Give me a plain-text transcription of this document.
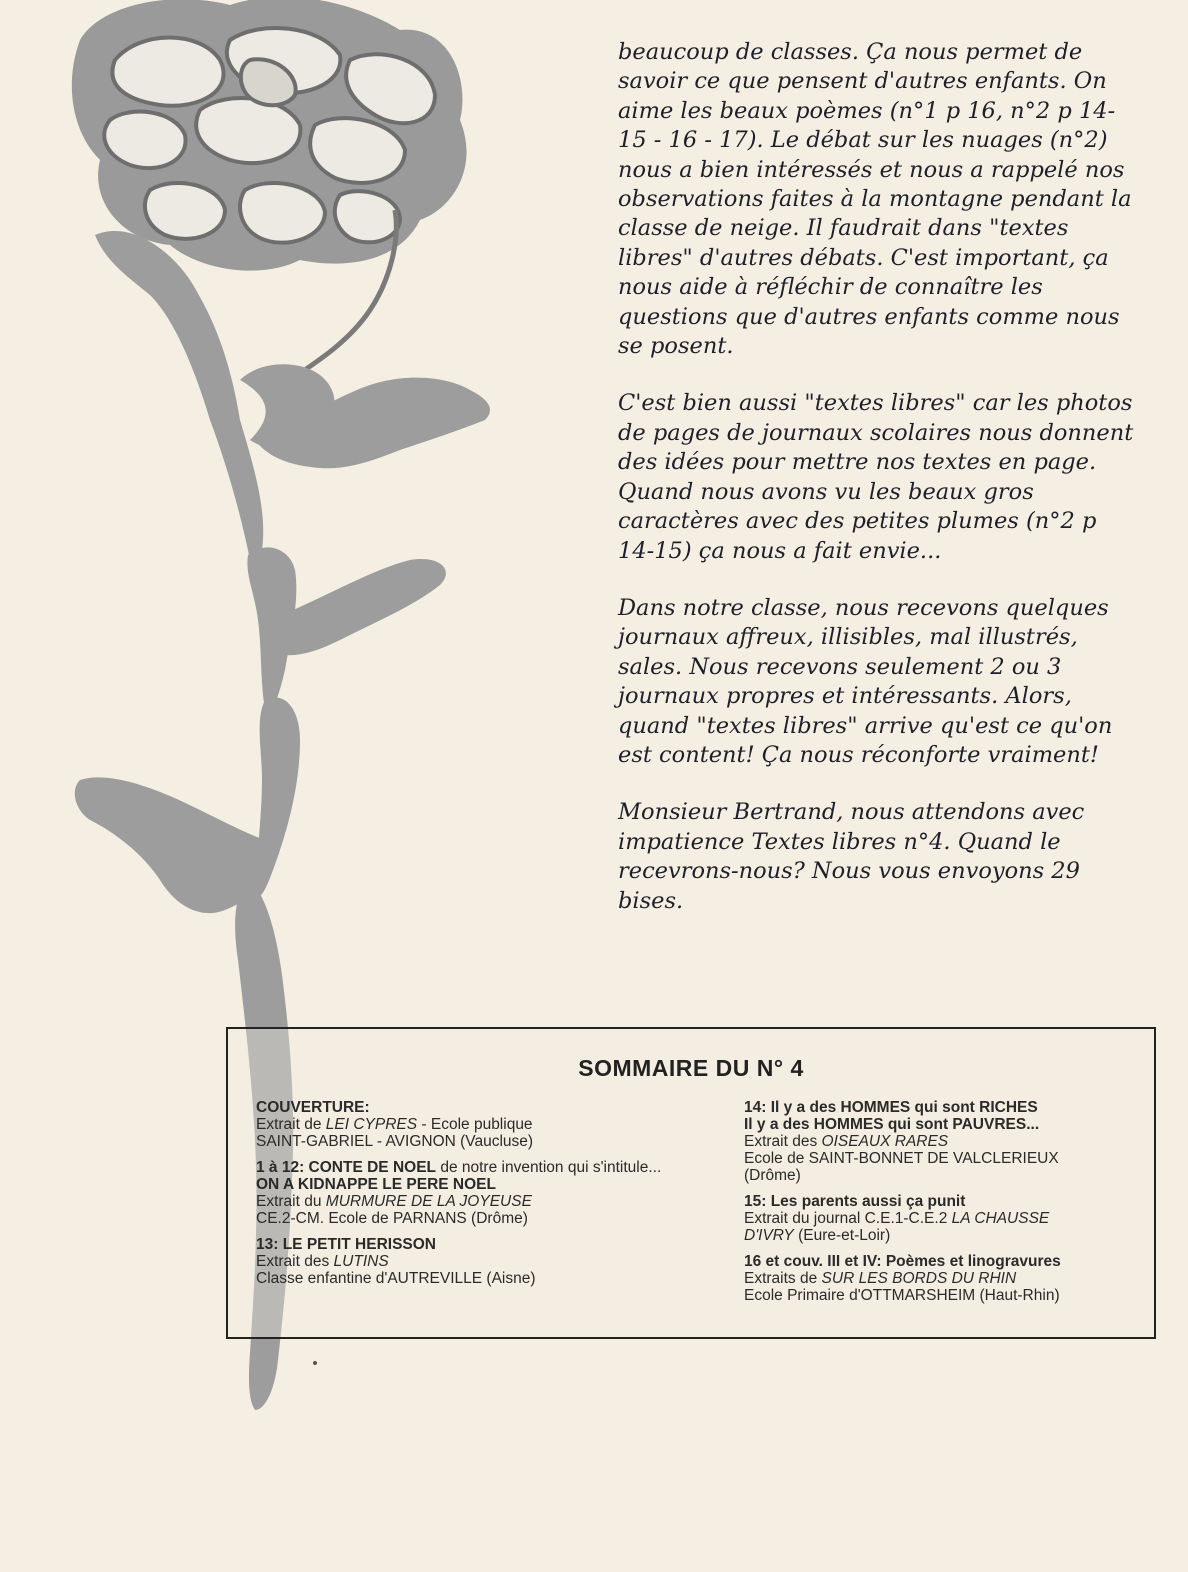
beaucoup de classes. Ça nous permet de savoir ce que pensent d'autres enfants. On aime les beaux poèmes (n°1 p 16, n°2 p 14-15 - 16 - 17). Le débat sur les nuages (n°2) nous a bien intéressés et nous a rappelé nos observations faites à la montagne pendant la classe de neige. Il faudrait dans "textes libres" d'autres débats. C'est important, ça nous aide à réfléchir de connaître les questions que d'autres enfants comme nous se posent.

C'est bien aussi "textes libres" car les photos de pages de journaux scolaires nous donnent des idées pour mettre nos textes en page. Quand nous avons vu les beaux gros caractères avec des petites plumes (n°2 p 14-15) ça nous a fait envie...

Dans notre classe, nous recevons quelques journaux affreux, illisibles, mal illustrés, sales. Nous recevons seulement 2 ou 3 journaux propres et intéressants. Alors, quand "textes libres" arrive qu'est ce qu'on est content! Ça nous réconforte vraiment!

Monsieur Bertrand, nous attendons avec impatience Textes libres n°4. Quand le recevrons-nous? Nous vous envoyons 29 bises.

SOMMAIRE DU N° 4
COUVERTURE:
Extrait de LEI CYPRES - Ecole publique
SAINT-GABRIEL - AVIGNON (Vaucluse)
1 à 12: CONTE DE NOEL de notre invention qui s'intitule... ON A KIDNAPPE LE PERE NOEL
Extrait du MURMURE DE LA JOYEUSE
CE.2-CM. Ecole de PARNANS (Drôme)
13: LE PETIT HERISSON
Extrait des LUTINS
Classe enfantine d'AUTREVILLE (Aisne)
14: Il y a des HOMMES qui sont RICHES
Il y a des HOMMES qui sont PAUVRES...
Extrait des OISEAUX RARES
Ecole de SAINT-BONNET DE VALCLERIEUX
(Drôme)
15: Les parents aussi ça punit
Extrait du journal C.E.1-C.E.2 LA CHAUSSE
D'IVRY (Eure-et-Loir)
16 et couv. III et IV: Poèmes et linogravures
Extraits de SUR LES BORDS DU RHIN
Ecole Primaire d'OTTMARSHEIM (Haut-Rhin)
